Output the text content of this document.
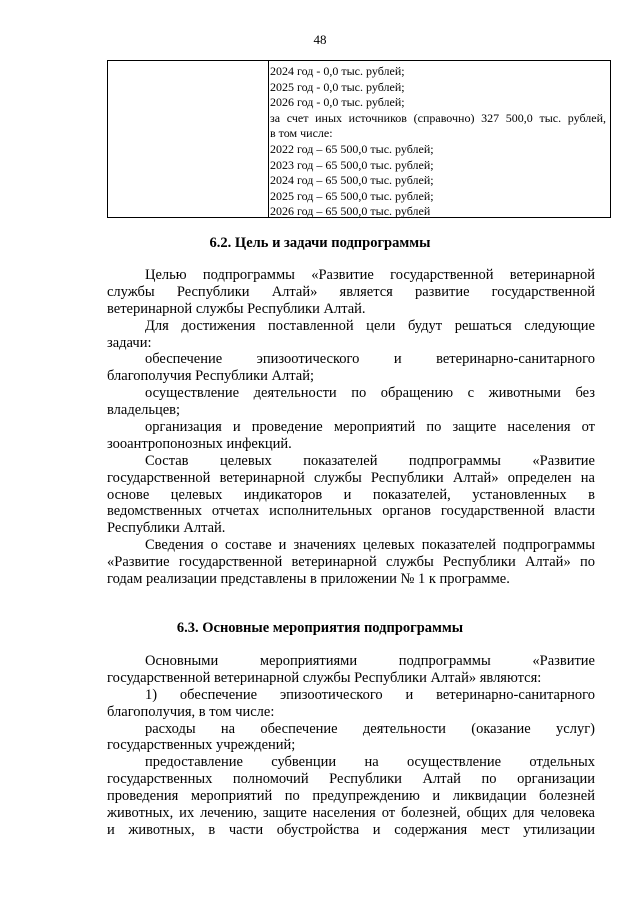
48
2024 год - 0,0 тыс. рублей;
2025 год - 0,0 тыс. рублей;
2026 год - 0,0 тыс. рублей;
за счет иных источников (справочно) 327 500,0 тыс. рублей,
в том числе:
2022 год – 65 500,0 тыс. рублей;
2023 год – 65 500,0 тыс. рублей;
2024 год – 65 500,0 тыс. рублей;
2025 год – 65 500,0 тыс. рублей;
2026 год – 65 500,0 тыс. рублей
6.2. Цель и задачи подпрограммы
Целью подпрограммы «Развитие государственной ветеринарной
службы Республики Алтай» является развитие государственной
ветеринарной службы Республики Алтай.
Для достижения поставленной цели будут решаться следующие
задачи:
обеспечение эпизоотического и ветеринарно-санитарного
благополучия Республики Алтай;
осуществление деятельности по обращению с животными без
владельцев;
организация и проведение мероприятий по защите населения от
зооантропонозных инфекций.
Состав целевых показателей подпрограммы «Развитие
государственной ветеринарной службы Республики Алтай» определен на
основе целевых индикаторов и показателей, установленных в
ведомственных отчетах исполнительных органов государственной власти
Республики Алтай.
Сведения о составе и значениях целевых показателей подпрограммы
«Развитие государственной ветеринарной службы Республики Алтай» по
годам реализации представлены в приложении № 1 к программе.
6.3. Основные мероприятия подпрограммы
Основными мероприятиями подпрограммы «Развитие
государственной ветеринарной службы Республики Алтай» являются:
1) обеспечение эпизоотического и ветеринарно-санитарного
благополучия, в том числе:
расходы на обеспечение деятельности (оказание услуг)
государственных учреждений;
предоставление субвенции на осуществление отдельных
государственных полномочий Республики Алтай по организации
проведения мероприятий по предупреждению и ликвидации болезней
животных, их лечению, защите населения от болезней, общих для человека
и животных, в части обустройства и содержания мест утилизации
